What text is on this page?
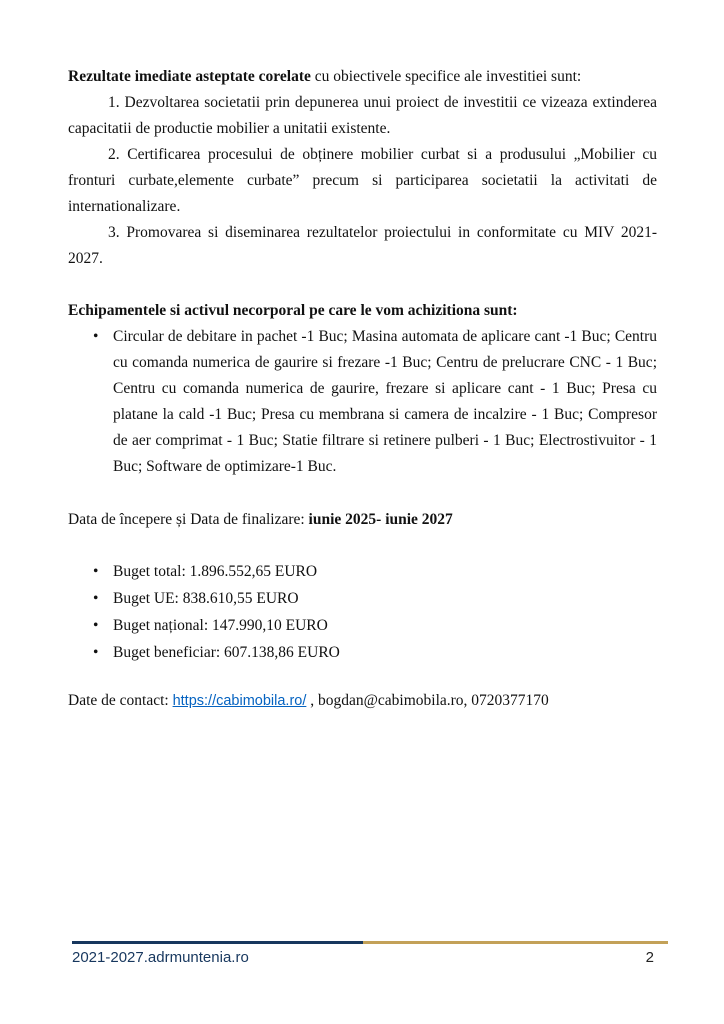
Rezultate imediate asteptate corelate cu obiectivele specifice ale investitiei sunt:

1. Dezvoltarea societatii prin depunerea unui proiect de investitii ce vizeaza extinderea capacitatii de productie mobilier a unitatii existente.

2. Certificarea procesului de obținere mobilier curbat si a produsului „Mobilier cu fronturi curbate,elemente curbate” precum si participarea societatii la activitati de internationalizare.

3. Promovarea si diseminarea rezultatelor proiectului in conformitate cu MIV 2021-2027.

Echipamentele si activul necorporal pe care le vom achizitiona sunt:

• Circular de debitare in pachet -1 Buc; Masina automata de aplicare cant -1 Buc; Centru cu comanda numerica de gaurire si frezare -1 Buc; Centru de prelucrare CNC - 1 Buc; Centru cu comanda numerica de gaurire, frezare si aplicare cant - 1 Buc; Presa cu platane la cald -1 Buc; Presa cu membrana si camera de incalzire - 1 Buc; Compresor de aer comprimat - 1 Buc; Statie filtrare si retinere pulberi - 1 Buc; Electrostivuitor - 1 Buc; Software de optimizare-1 Buc.

Data de începere și Data de finalizare: iunie 2025- iunie 2027

• Buget total: 1.896.552,65 EURO
• Buget UE: 838.610,55 EURO
• Buget național: 147.990,10 EURO
• Buget beneficiar: 607.138,86 EURO

Date de contact: https://cabimobila.ro/ , bogdan@cabimobila.ro, 0720377170

2021-2027.adrmuntenia.ro	2
